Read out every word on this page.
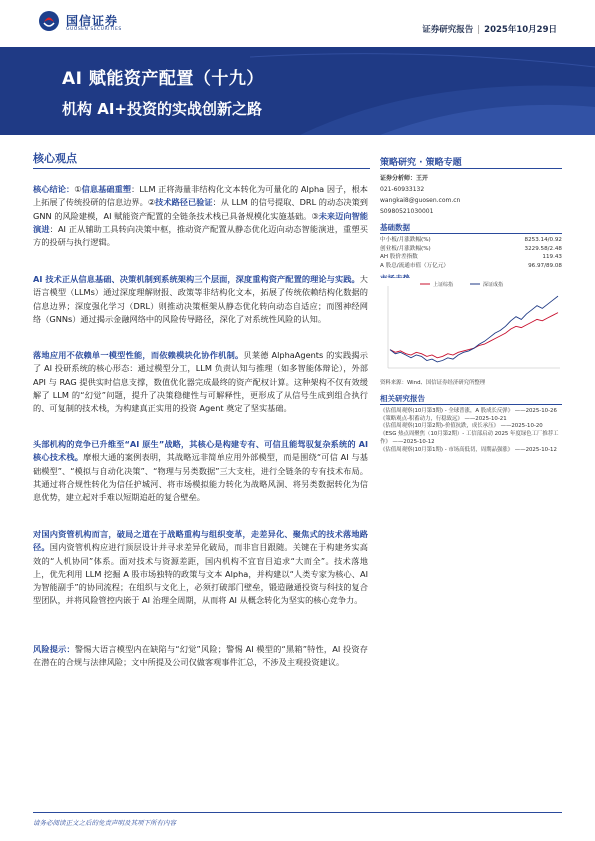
国信证券
GUOSEN SECURITIES	证券研究报告 | 2025年10月29日
AI 赋能资产配置（十九）
机构 AI+投资的实战创新之路
核心观点
核心结论：①信息基础重塑：LLM 正将海量非结构化文本转化为可量化的 Alpha 因子，根本上拓展了传统投研的信息边界。②技术路径已验证：从 LLM 的信号提取、DRL 的动态决策到 GNN 的风险建模，AI 赋能资产配置的全链条技术栈已具备规模化实施基础。③未来迈向智能演进：AI 正从辅助工具转向决策中枢，推动资产配置从静态优化迈向动态智能演进，重塑买方的投研与执行逻辑。
AI 技术正从信息基础、决策机制到系统架构三个层面，深度重构资产配置的理论与实践。大语言模型（LLMs）通过深度理解财报、政策等非结构化文本，拓展了传统依赖结构化数据的信息边界；深度强化学习（DRL）则推动决策框架从静态优化转向动态自适应；而图神经网络（GNNs）通过揭示金融网络中的风险传导路径，深化了对系统性风险的认知。
落地应用不依赖单一模型性能，而依赖模块化协作机制。贝莱德 AlphaAgents 的实践揭示了 AI 投研系统的核心形态：通过模型分工，LLM 负责认知与推理（如多智能体辩论），外部 API 与 RAG 提供实时信息支撑，数值优化器完成最终的资产配权计算。这种架构不仅有效缓解了 LLM 的“幻觉”问题，提升了决策稳健性与可解释性，更形成了从信号生成到组合执行的、可复制的技术栈，为构建真正实用的投资 Agent 奠定了坚实基础。
头部机构的竞争已升维至“AI 原生”战略，其核心是构建专有、可信且能驾驭复杂系统的 AI 核心技术栈。摩根大通的案例表明，其战略远非简单应用外部模型，而是围绕“可信 AI 与基础模型”、“模拟与自动化决策”、“物理与另类数据”三大支柱，进行全链条的专有技术布局。其通过将合规性转化为信任护城河、将市场模拟能力转化为战略风洞、将另类数据转化为信息优势，建立起对手难以短期追赶的复合壁垒。
对国内资管机构而言，破局之道在于战略重构与组织变革，走差异化、聚焦式的技术落地路径。国内资管机构应进行顶层设计并寻求差异化破局，而非盲目跟随。关键在于构建务实高效的“人机协同”体系。面对技术与资源差距，国内机构不宜盲目追求“大而全”。技术落地上，优先利用 LLM 挖掘 A 股市场独特的政策与文本 Alpha，并构建以“人类专家为核心、AI 为智能副手”的协同流程；在组织与文化上，必须打破部门壁垒，锻造融通投资与科技的复合型团队，并将风险管控内嵌于 AI 治理全周期，从而将 AI 从概念转化为坚实的核心竞争力。
风险提示：警惕大语言模型内在缺陷与“幻觉”风险；警惕 AI 模型的“黑箱”特性，AI 投资存在潜在的合规与法律风险；文中所提及公司仅做客观事件汇总，不涉及主观投资建议。
策略研究 · 策略专题
证券分析师：王开
021-60933132
wangkai8@guosen.com.cn
S0980521030001
基础数据
中小板/月涨跌幅(%)	8253.14/0.92
创业板/月涨跌幅(%)	3229.58/2.48
AH 股价差指数	119.43
A 股总/流通市值（万亿元）	96.97/89.08
上证综指	深证成指
资料来源：Wind、国信证券经济研究所整理
相关研究报告
《估值周观察(10月第3期) - 全球普涨，A 股成长反弹》 ——2025-10-26
《策略观点-积蓄动力，行稳致远》 ——2025-10-21
《估值周观察(10月第2期)-价值抗跌，成长承压》 ——2025-10-20
《ESG 热点周聚焦（10月第2期）- 工信部启动 2025 年度绿色工厂推荐工作》 ——2025-10-12
《估值周观察(10月第1期) - 市场高低切，周期品强涨》 ——2025-10-12
请务必阅读正文之后的免责声明及其项下所有内容
